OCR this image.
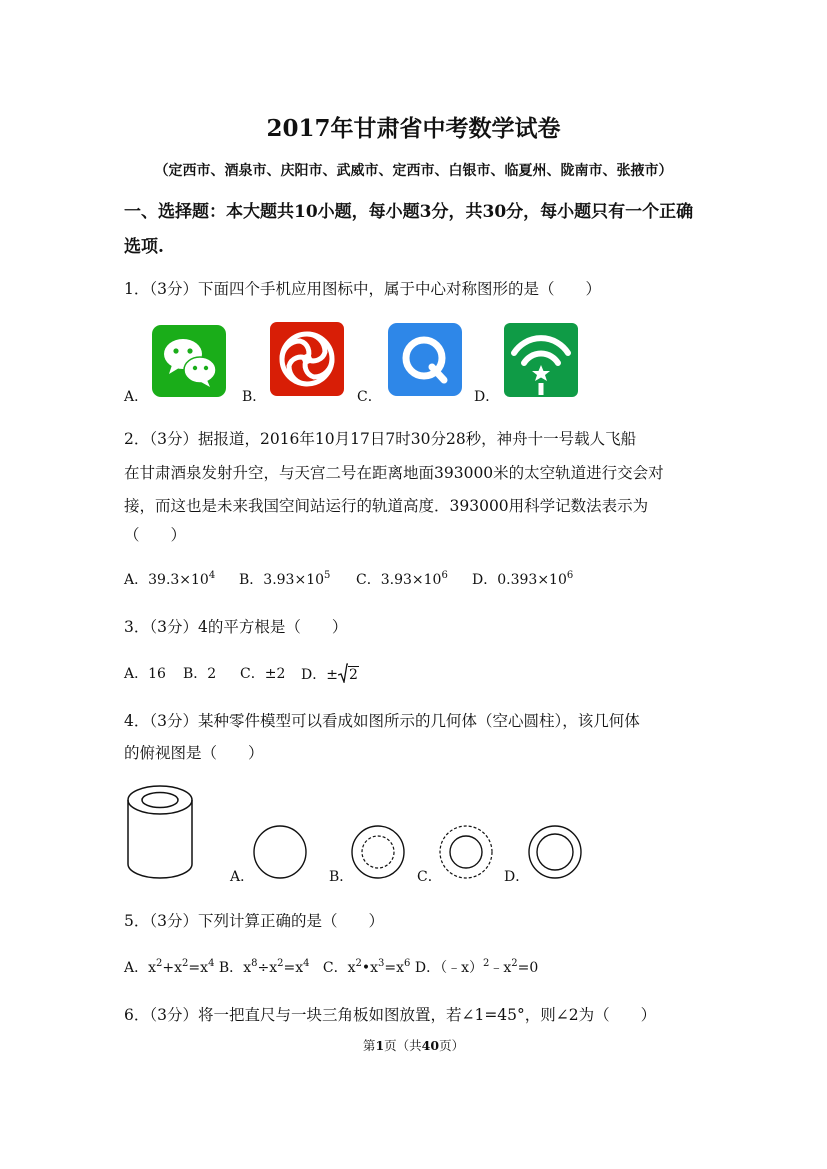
2017年甘肃省中考数学试卷
（定西市、酒泉市、庆阳市、武威市、定西市、白银市、临夏州、陇南市、张掖市）
一、选择题：本大题共10小题，每小题3分，共30分，每小题只有一个正确
选项.
1．（3分）下面四个手机应用图标中，属于中心对称图形的是（　　）
A．	B．	C．	D．
2．（3分）据报道，2016年10月17日7时30分28秒，神舟十一号载人飞船
在甘肃酒泉发射升空，与天宫二号在距离地面393000米的太空轨道进行交会对
接，而这也是未来我国空间站运行的轨道高度．393000用科学记数法表示为
（　　）
A．$39.3\times 10^4$ B．$3.93\times 10^5$ C．$3.93\times 10^6$ D．$0.393\times 10^6$
3．（3分）4的平方根是（　　）
A．16 B．2 C．±2 D．± 2
4．（3分）某种零件模型可以看成如图所示的几何体（空心圆柱），该几何体
的俯视图是（　　）
A．	B．	C．	D．
5．（3分）下列计算正确的是（　　）
A．$x^2+x^2=x^4$ B．$x^8\div x^2=x^4$ C．$x^2•x^3=x^6$ D．$(﹣x)^2﹣x^2=0$
6．（3分）将一把直尺与一块三角板如图放置，若∠1=45°，则∠2为（　　）
第1页（共40页）
